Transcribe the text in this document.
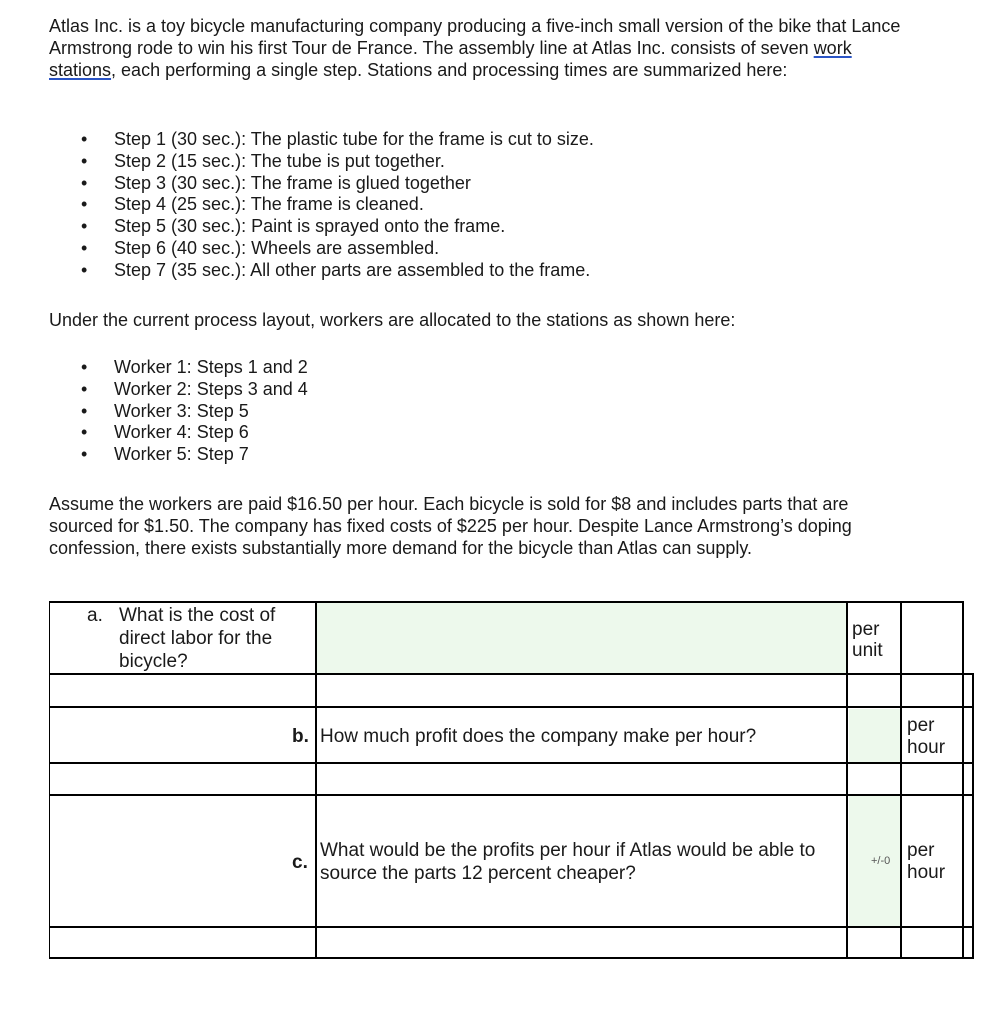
Atlas Inc. is a toy bicycle manufacturing company producing a five-inch small version of the bike that Lance Armstrong rode to win his first Tour de France. The assembly line at Atlas Inc. consists of seven work stations, each performing a single step. Stations and processing times are summarized here:

• Step 1 (30 sec.): The plastic tube for the frame is cut to size.
• Step 2 (15 sec.): The tube is put together.
• Step 3 (30 sec.): The frame is glued together
• Step 4 (25 sec.): The frame is cleaned.
• Step 5 (30 sec.): Paint is sprayed onto the frame.
• Step 6 (40 sec.): Wheels are assembled.
• Step 7 (35 sec.): All other parts are assembled to the frame.

Under the current process layout, workers are allocated to the stations as shown here:

• Worker 1: Steps 1 and 2
• Worker 2: Steps 3 and 4
• Worker 3: Step 5
• Worker 4: Step 6
• Worker 5: Step 7

Assume the workers are paid $16.50 per hour. Each bicycle is sold for $8 and includes parts that are sourced for $1.50. The company has fixed costs of $225 per hour. Despite Lance Armstrong’s doping confession, there exists substantially more demand for the bicycle than Atlas can supply.

a. What is the cost of direct labor for the bicycle?
per
unit
b. How much profit does the company make per hour?
per
hour
c.
What would be the profits per hour if Atlas would be able to source the parts 12 percent cheaper?
+/-0 per
hour
